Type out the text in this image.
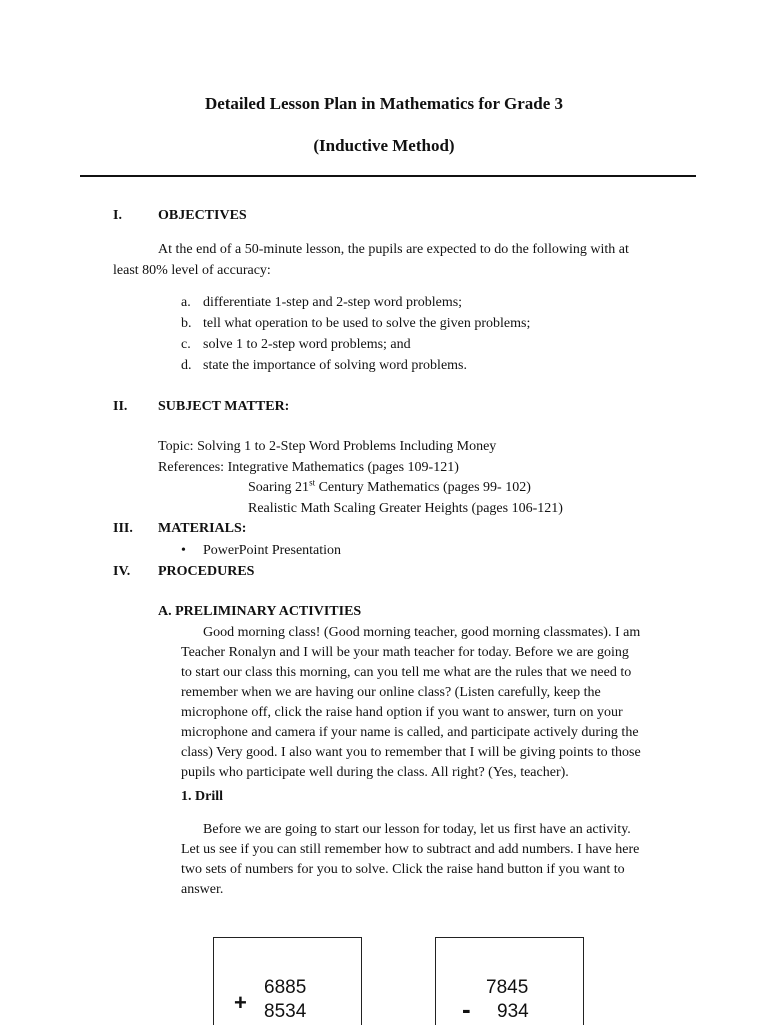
Detailed Lesson Plan in Mathematics for Grade 3
(Inductive Method)
I.	OBJECTIVES
At the end of a 50-minute lesson, the pupils are expected to do the following with at
least 80% level of accuracy:
a. differentiate 1-step and 2-step word problems;
b. tell what operation to be used to solve the given problems;
c. solve 1 to 2-step word problems; and
d. state the importance of solving word problems.
II. SUBJECT MATTER:
Topic: Solving 1 to 2-Step Word Problems Including Money
References: Integrative Mathematics (pages 109-121)
Soaring 21st Century Mathematics (pages 99- 102)
Realistic Math Scaling Greater Heights (pages 106-121)
III. MATERIALS:
• PowerPoint Presentation
IV. PROCEDURES
A. PRELIMINARY ACTIVITIES
Good morning class! (Good morning teacher, good morning classmates). I am
Teacher Ronalyn and I will be your math teacher for today. Before we are going
to start our class this morning, can you tell me what are the rules that we need to
remember when we are having our online class? (Listen carefully, keep the
microphone off, click the raise hand option if you want to answer, turn on your
microphone and camera if your name is called, and participate actively during the
class) Very good. I also want you to remember that I will be giving points to those
pupils who participate well during the class. All right? (Yes, teacher).
1. Drill
Before we are going to start our lesson for today, let us first have an activity.
Let us see if you can still remember how to subtract and add numbers. I have here
two sets of numbers for you to solve. Click the raise hand button if you want to
answer.
+
6885
8534	-
7845
934
